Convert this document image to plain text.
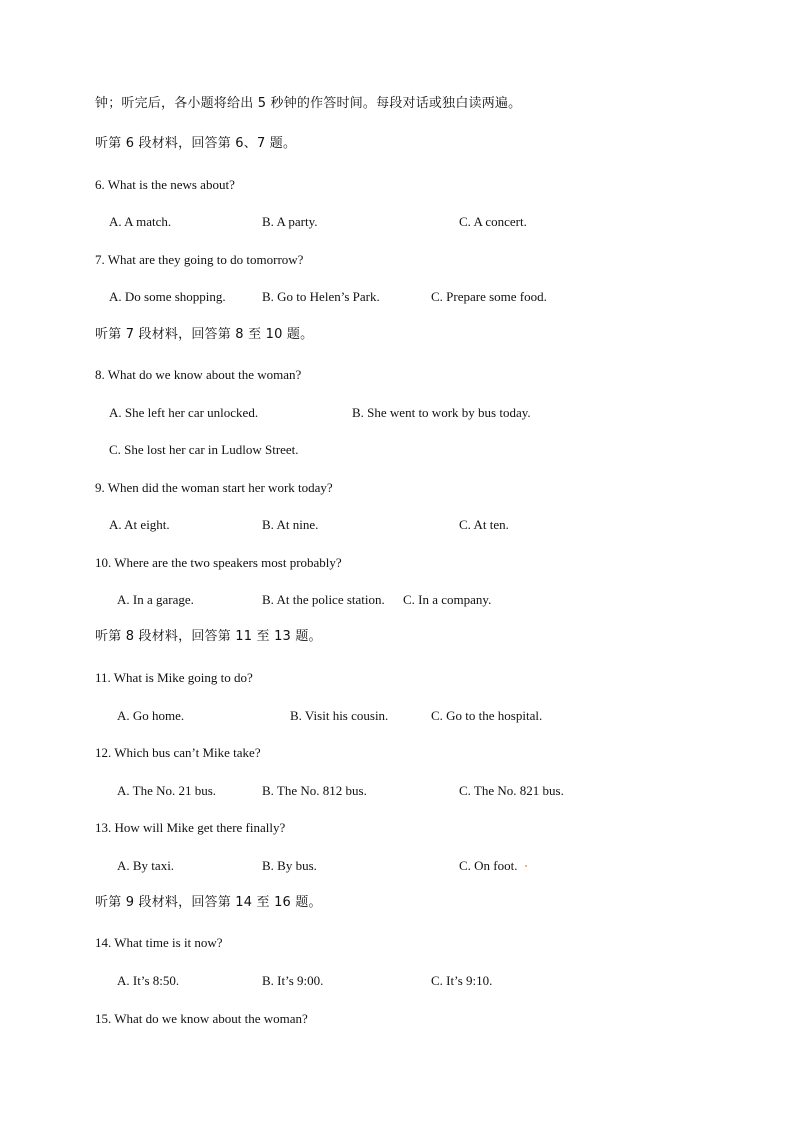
钟；听完后，各小题将给出 5 秒钟的作答时间。每段对话或独白读两遍。
听第 6 段材料，回答第 6、7 题。
6. What is the news about?
A. A match.	B. A party.	C. A concert.
7. What are they going to do tomorrow?
A. Do some shopping.	B. Go to Helen’s Park.	C. Prepare some food.
听第 7 段材料，回答第 8 至 10 题。
8. What do we know about the woman?
A. She left her car unlocked.	B. She went to work by bus today.
C. She lost her car in Ludlow Street.
9. When did the woman start her work today?
A. At eight.	B. At nine.	C. At ten.
10. Where are the two speakers most probably?
A. In a garage.	B. At the police station. C. In a company.
听第 8 段材料，回答第 11 至 13 题。
11. What is Mike going to do?
A. Go home.	B. Visit his cousin.	C. Go to the hospital.
12. Which bus can’t Mike take?
A. The No. 21 bus.	B. The No. 812 bus.	C. The No. 821 bus.
13. How will Mike get there finally?
A. By taxi.	B. By bus.	C. On foot.
听第 9 段材料，回答第 14 至 16 题。
14. What time is it now?
A. It’s 8:50.	B. It’s 9:00.	C. It’s 9:10.
15. What do we know about the woman?
